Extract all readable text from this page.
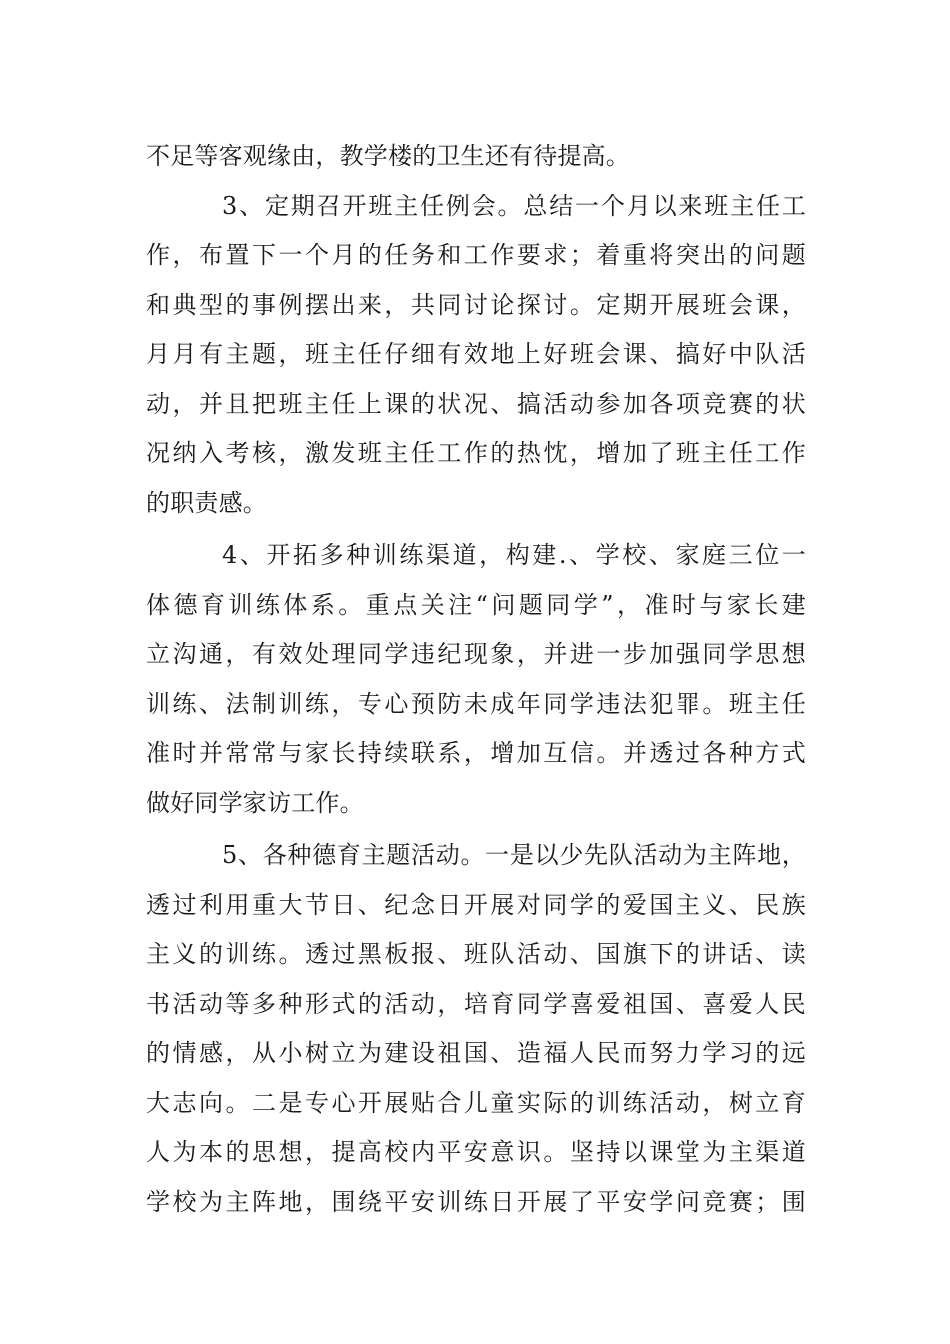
不足等客观缘由，教学楼的卫生还有待提高。
3、定期召开班主任例会。总结一个月以来班主任工
作，布置下一个月的任务和工作要求；着重将突出的问题
和典型的事例摆出来，共同讨论探讨。定期开展班会课，
月月有主题，班主任仔细有效地上好班会课、搞好中队活
动，并且把班主任上课的状况、搞活动参加各项竞赛的状
况纳入考核，激发班主任工作的热忱，增加了班主任工作
的职责感。
4、开拓多种训练渠道，构建.、学校、家庭三位一
体德育训练体系。重点关注“问题同学”，准时与家长建
立沟通，有效处理同学违纪现象，并进一步加强同学思想
训练、法制训练，专心预防未成年同学违法犯罪。班主任
准时并常常与家长持续联系，增加互信。并透过各种方式
做好同学家访工作。
5、各种德育主题活动。一是以少先队活动为主阵地，
透过利用重大节日、纪念日开展对同学的爱国主义、民族
主义的训练。透过黑板报、班队活动、国旗下的讲话、读
书活动等多种形式的活动，培育同学喜爱祖国、喜爱人民
的情感，从小树立为建设祖国、造福人民而努力学习的远
大志向。二是专心开展贴合儿童实际的训练活动，树立育
人为本的思想，提高校内平安意识。坚持以课堂为主渠道
学校为主阵地，围绕平安训练日开展了平安学问竞赛；围
